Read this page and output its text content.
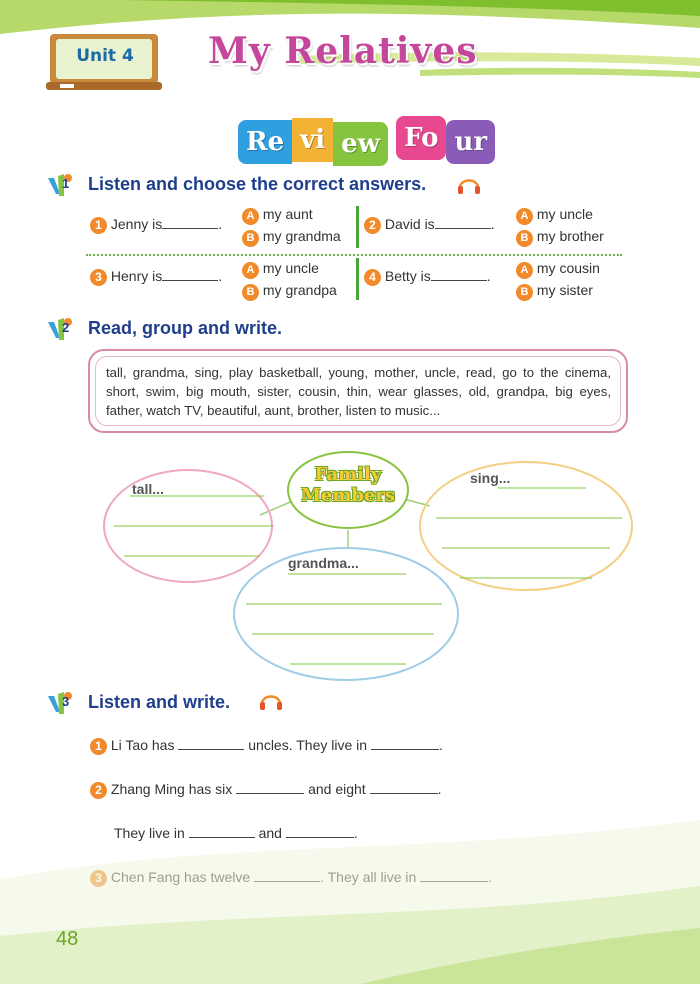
Unit 4	My Relatives
Re vi ew Fo ur
1 Listen and choose the correct answers.
1 Jenny is	.	A my aunt
B my grandma
2 David is	.	A my uncle
B my brother
3 Henry is	.	A my uncle
B my grandpa
4 Betty is	.	A my cousin
B my sister
2 Read, group and write.
tall, grandma, sing, play basketball, young, mother, uncle, read, go to the cinema, short, swim, big mouth, sister, cousin, thin, wear glasses, old, grandpa, big eyes, father, watch TV, beautiful, aunt, brother, listen to music...
Family
Members
tall...
sing...
grandma...
3 Listen and write.
1 Li Tao has	uncles. They live in	.
2 Zhang Ming has six	and eight	.
They live in	and	.

48
